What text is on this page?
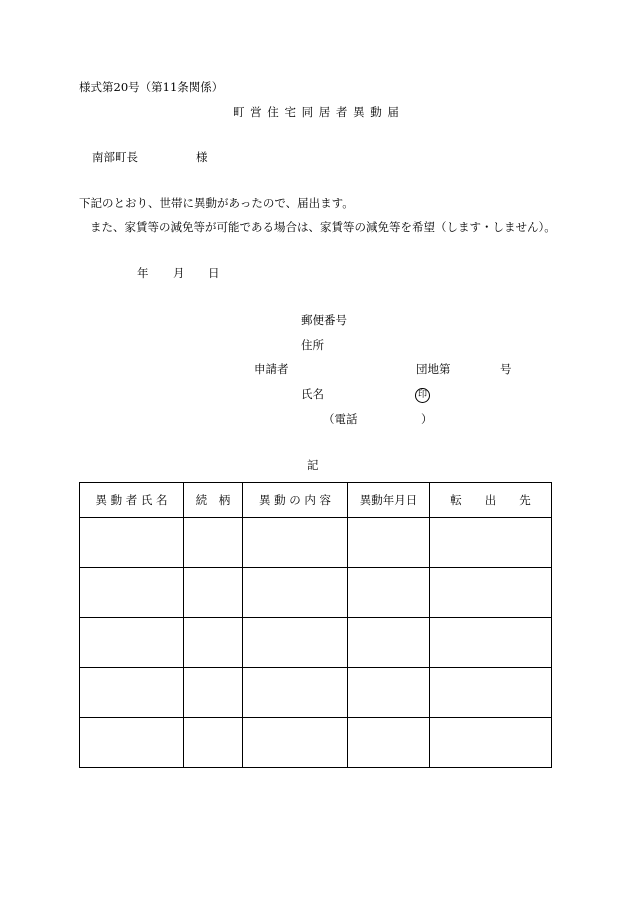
様式第20号（第11条関係）
町 営 住 宅 同 居 者 異 動 届
南部町長	様
下記のとおり、世帯に異動があったので、届出ます。
また、家賃等の減免等が可能である場合は、家賃等の減免等を希望（します・しません）。
年 月 日
郵便番号
住所
申請者	団地第	号
氏名	印
（電話	）
記
異 動 者 氏 名	続　柄	異 動 の 内 容	異動年月日	転　　出　　先
